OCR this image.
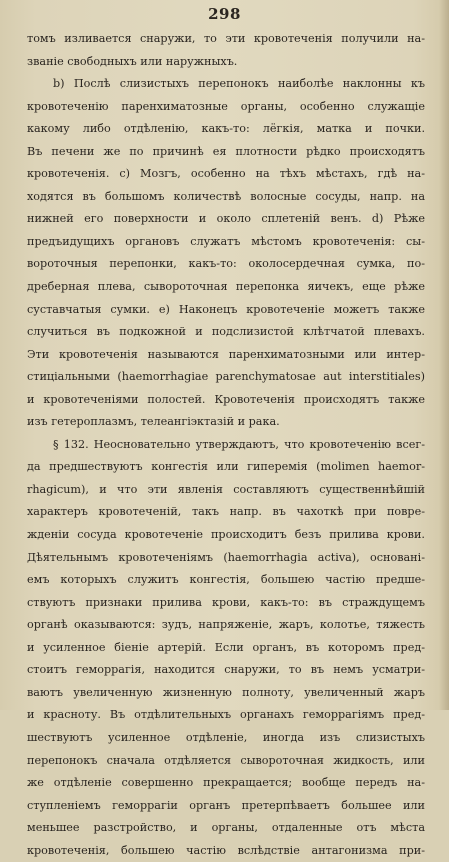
298
томъ изливается снаружи, то эти кровотеченія получили на-
званіе свободныхъ или наружныхъ.
b) Послѣ слизистыхъ перепонокъ наиболѣе наклонны къ
кровотеченію паренхиматозные органы, особенно служащіе
какому либо отдѣленію, какъ-то: лёгкія, матка и почки.
Въ печени же по причинѣ ея плотности рѣдко происходятъ
кровотеченія. c) Мозгъ, особенно на тѣхъ мѣстахъ, гдѣ на-
ходятся въ большомъ количествѣ волосные сосуды, напр. на
нижней его поверхности и около сплетеній венъ. d) Рѣже
предъидущихъ органовъ служатъ мѣстомъ кровотеченія: сы-
вороточныя перепонки, какъ-то: околосердечная сумка, по-
дреберная плева, сывороточная перепонка яичекъ, еще рѣже
суставчатыя сумки. e) Наконецъ кровотеченіе можетъ также
случиться въ подкожной и подслизистой клѣтчатой плевахъ.
Эти кровотеченія называются паренхиматозными или интер-
стиціальными (haemorrhagiae parenchymatosae aut interstitiales)
и кровотеченіями полостей. Кровотеченія происходятъ также
изъ гетероплазмъ, телеангіэктазій и рака.
§ 132. Неосновательно утверждаютъ, что кровотеченію всег-
да предшествуютъ конгестія или гиперемія (molimen haemor-
rhagicum), и что эти явленія составляютъ существеннѣйшій
характеръ кровотеченій, такъ напр. въ чахоткѣ при повре-
жденіи сосуда кровотеченіе происходитъ безъ прилива крови.
Дѣятельнымъ кровотеченіямъ (haemorrhagia activa), основані-
емъ которыхъ служитъ конгестія, большею частію предше-
ствуютъ признаки прилива крови, какъ-то: въ страждущемъ
органѣ оказываются: зудъ, напряженіе, жаръ, колотье, тяжесть
и усиленное біеніе артерій. Если органъ, въ которомъ пред-
стоитъ геморрагія, находится снаружи, то въ немъ усматри-
ваютъ увеличенную жизненную полноту, увеличенный жаръ
и красноту. Въ отдѣлительныхъ органахъ геморрагіямъ пред-
шествуютъ усиленное отдѣленіе, иногда изъ слизистыхъ
перепонокъ сначала отдѣляется сывороточная жидкость, или
же отдѣленіе совершенно прекращается; вообще передъ на-
ступленіемъ геморрагіи органъ претерпѣваетъ большее или
меньшее разстройство, и органы, отдаленные отъ мѣста
кровотеченія, большею частію вслѣдствіе антагонизма при-
